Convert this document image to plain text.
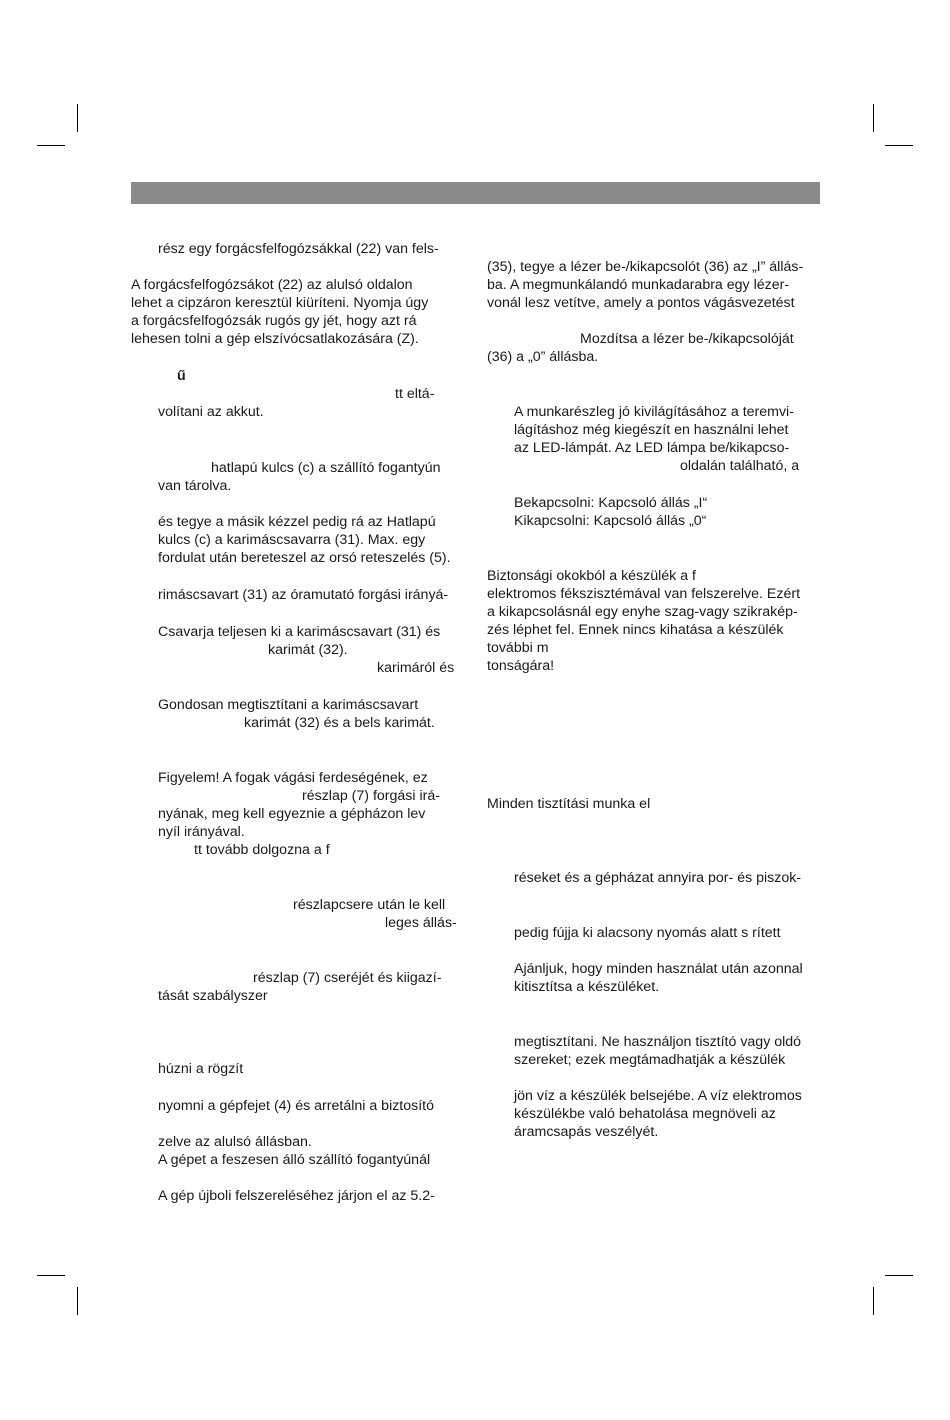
rész egy forgácsfelfogózsákkal (22) van fels-
A forgácsfelfogózsákot (22) az alulsó oldalon
lehet a cipzáron keresztül kiüríteni. Nyomja úgy
a forgácsfelfogózsák rugós gy jét, hogy azt rá
lehesen tolni a gép elszívócsatlakozására (Z).
ű
tt eltá-
volítani az akkut.
hatlapú kulcs (c) a szállító fogantyún
van tárolva.
és tegye a másik kézzel pedig rá az Hatlapú
kulcs (c) a karimáscsavarra (31). Max. egy
fordulat után bereteszel az orsó reteszelés (5).
rimáscsavart (31) az óramutató forgási irányá-
Csavarja teljesen ki a karimáscsavart (31) és
karimát (32).
karimáról és
Gondosan megtisztítani a karimáscsavart
karimát (32) és a bels karimát.
Figyelem! A fogak vágási ferdeségének, ez
részlap (7) forgási irá-
nyának, meg kell egyeznie a gépházon lev
nyíl irányával.
tt tovább dolgozna a f
részlapcsere után le kell
leges állás-
részlap (7) cseréjét és kiigazí-
tását szabályszer
húzni a rögzít
nyomni a gépfejet (4) és arretálni a biztosító
zelve az alulsó állásban.
A gépet a feszesen álló szállító fogantyúnál
A gép újboli felszereléséhez járjon el az 5.2-
(35), tegye a lézer be-/kikapcsolót (36) az „I” állás-
ba. A megmunkálandó munkadarabra egy lézer-
vonál lesz vetítve, amely a pontos vágásvezetést
Mozdítsa a lézer be-/kikapcsolóját
(36) a „0” állásba.
A munkarészleg jó kivilágításához a teremvi-
lágításhoz még kiegészít en használni lehet
az LED-lámpát. Az LED lámpa be/kikapcso-
oldalán található, a
Bekapcsolni: Kapcsoló állás „I“
Kikapcsolni: Kapcsoló állás „0“
Biztonsági okokból a készülék a f
elektromos fékszisztémával van felszerelve. Ezért
a kikapcsolásnál egy enyhe szag-vagy szikrakép-
zés léphet fel. Ennek nincs kihatása a készülék
további m
tonságára!
Minden tisztítási munka el
réseket és a gépházat annyira por- és piszok-
pedig fújja ki alacsony nyomás alatt s rített
Ajánljuk, hogy minden használat után azonnal
kitisztítsa a készüléket.
megtisztítani. Ne használjon tisztító vagy oldó
szereket; ezek megtámadhatják a készülék
jön víz a készülék belsejébe. A víz elektromos
készülékbe való behatolása megnöveli az
áramcsapás veszélyét.
